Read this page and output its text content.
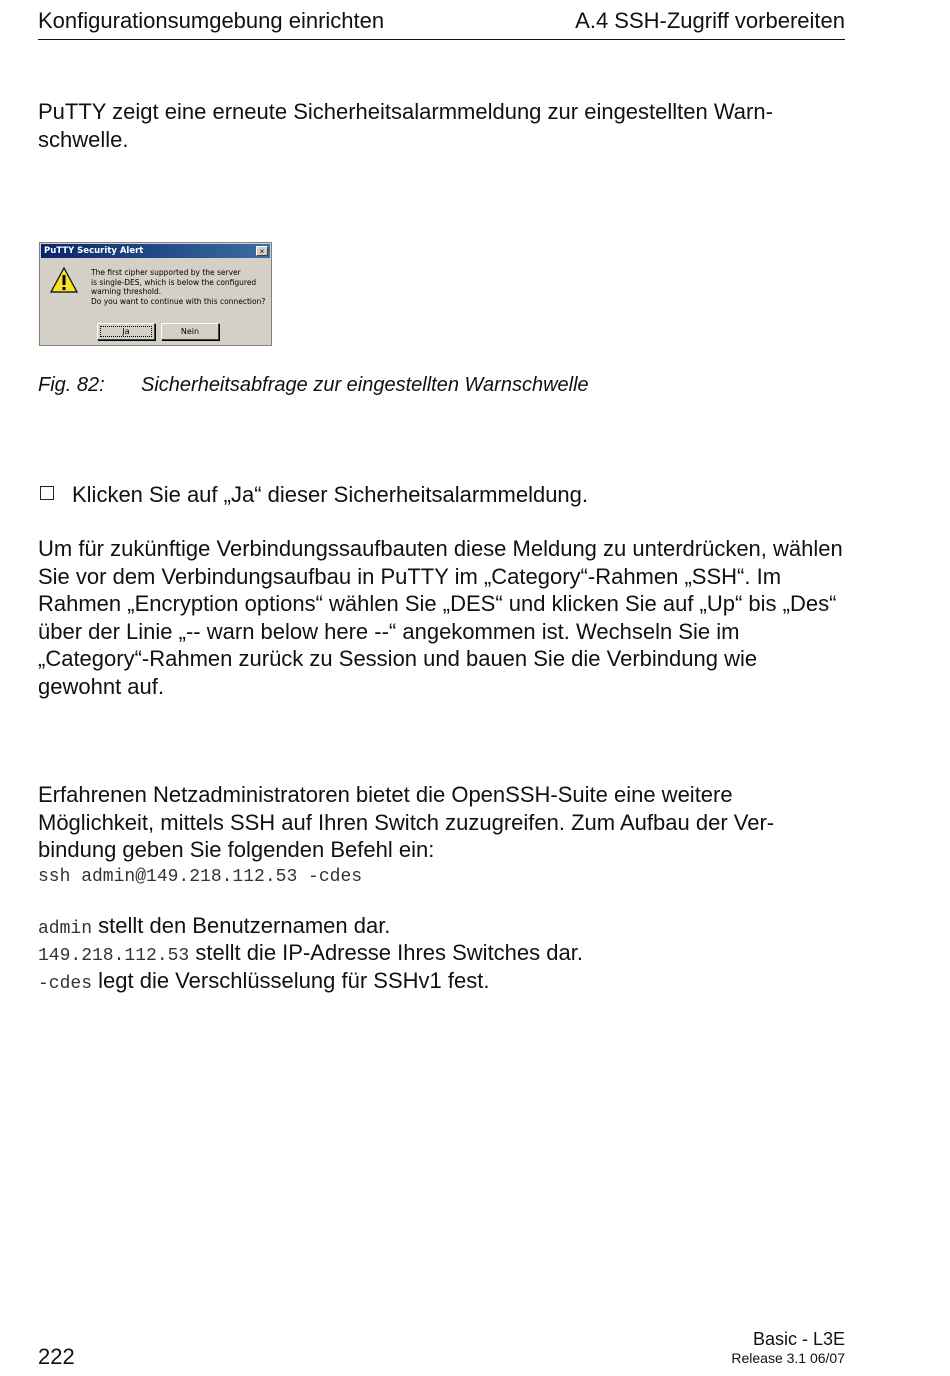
Konfigurationsumgebung einrichten	A.4 SSH-Zugriff vorbereiten
PuTTY zeigt eine erneute Sicherheitsalarmmeldung zur eingestellten Warn-schwelle.
PuTTY Security Alert	×
The first cipher supported by the server
is single-DES, which is below the configured
warning threshold.
Do you want to continue with this connection?
Ja	Nein
Fig. 82: Sicherheitsabfrage zur eingestellten Warnschwelle
Klicken Sie auf „Ja“ dieser Sicherheitsalarmmeldung.
Um für zukünftige Verbindungssaufbauten diese Meldung zu unterdrücken, wählen Sie vor dem Verbindungsaufbau in PuTTY im „Category“-Rahmen „SSH“. Im Rahmen „Encryption options“ wählen Sie „DES“ und klicken Sie auf „Up“ bis „Des“ über der Linie „-- warn below here --“ angekommen ist. Wechseln Sie im „Category“-Rahmen zurück zu Session und bauen Sie die Verbindung wie gewohnt auf.
Erfahrenen Netzadministratoren bietet die OpenSSH-Suite eine weitere Möglichkeit, mittels SSH auf Ihren Switch zuzugreifen. Zum Aufbau der Ver-bindung geben Sie folgenden Befehl ein:
ssh admin@149.218.112.53 -cdes
admin stellt den Benutzernamen dar.
149.218.112.53 stellt die IP-Adresse Ihres Switches dar.
-cdes legt die Verschlüsselung für SSHv1 fest.
Basic - L3E
Release 3.1 06/07
222
